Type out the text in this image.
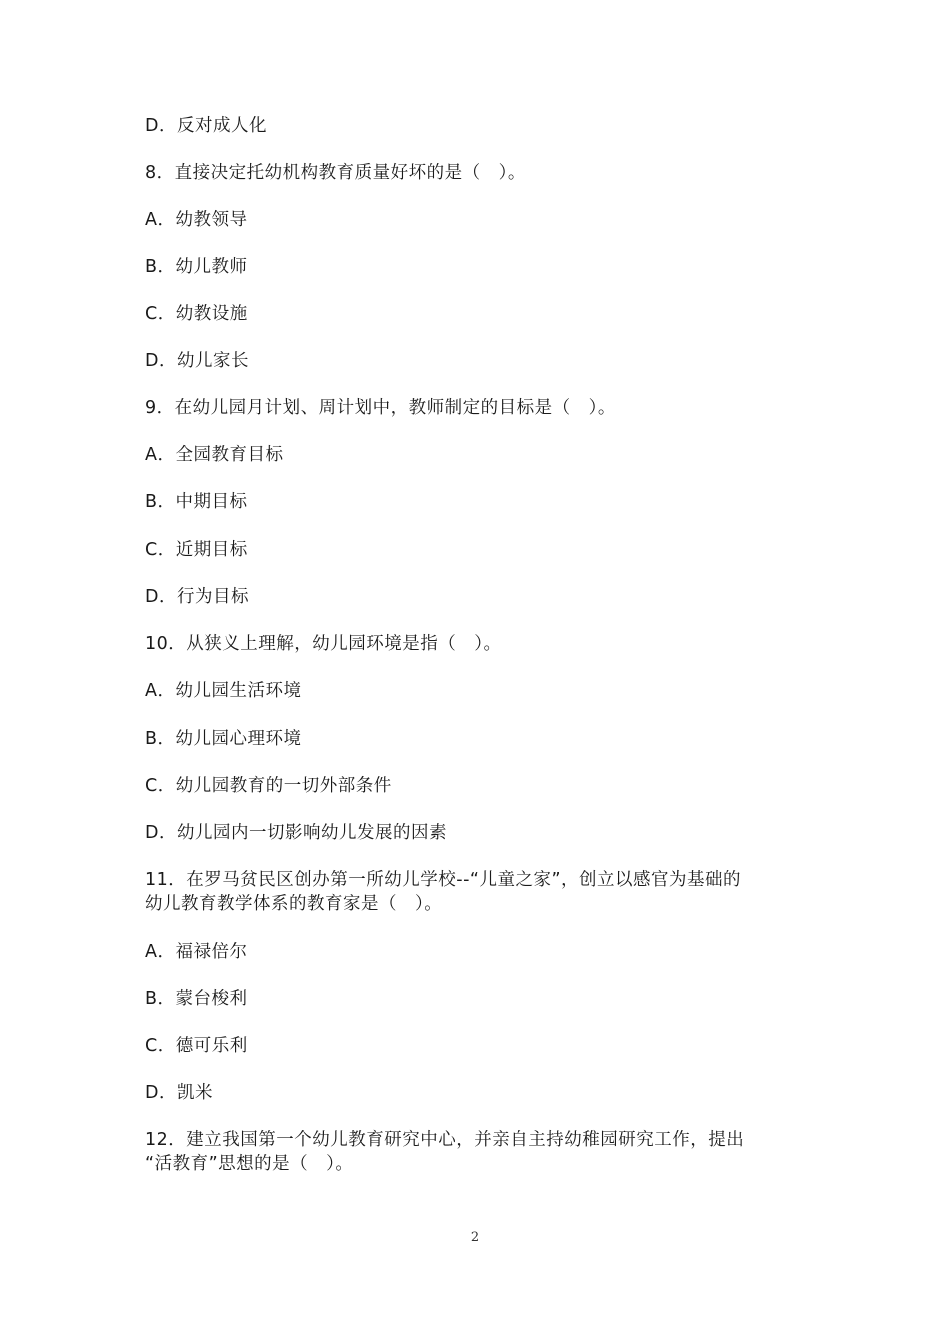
D．反对成人化
8．直接决定托幼机构教育质量好坏的是（　）。
A．幼教领导
B．幼儿教师
C．幼教设施
D．幼儿家长
9．在幼儿园月计划、周计划中，教师制定的目标是（　）。
A．全园教育目标
B．中期目标
C．近期目标
D．行为目标
10．从狭义上理解，幼儿园环境是指（　）。
A．幼儿园生活环境
B．幼儿园心理环境
C．幼儿园教育的一切外部条件
D．幼儿园内一切影响幼儿发展的因素
11．在罗马贫民区创办第一所幼儿学校--“儿童之家”，创立以感官为基础的
幼儿教育教学体系的教育家是（　）。
A．福禄倍尔
B．蒙台梭利
C．德可乐利
D．凯米
12．建立我国第一个幼儿教育研究中心，并亲自主持幼稚园研究工作，提出
“活教育”思想的是（　）。
2
